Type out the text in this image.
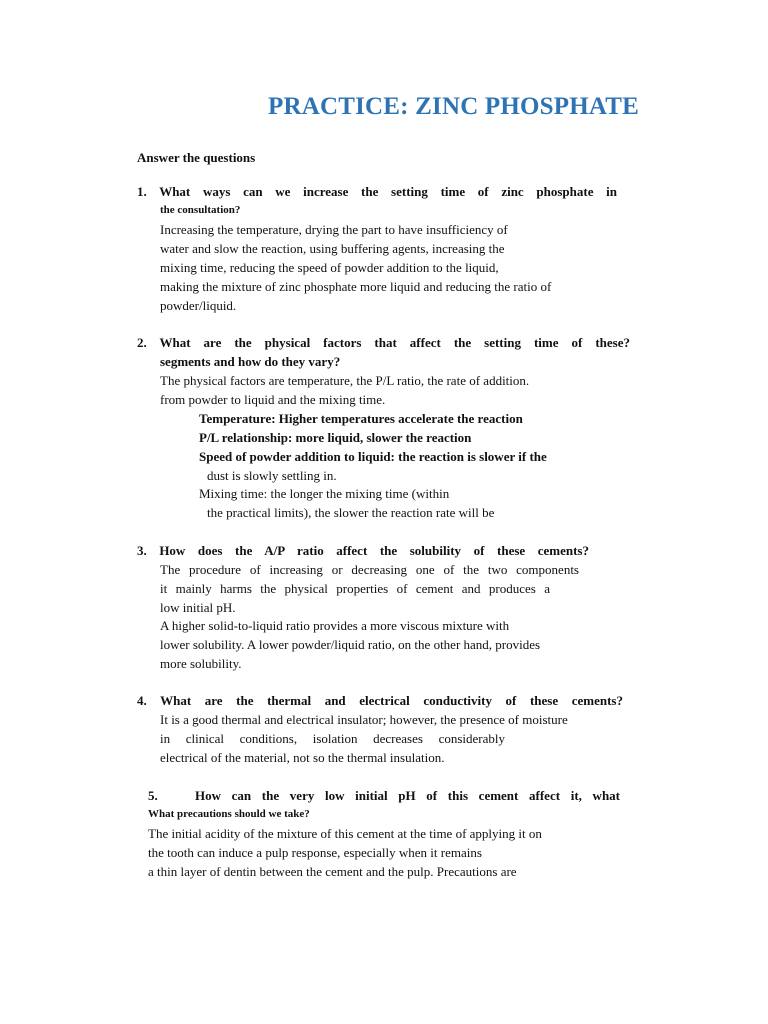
PRACTICE: ZINC PHOSPHATE
Answer the questions
1. What ways can we increase the setting time of zinc phosphate in
the consultation?
Increasing the temperature, drying the part to have insufficiency of
water and slow the reaction, using buffering agents, increasing the
mixing time, reducing the speed of powder addition to the liquid,
making the mixture of zinc phosphate more liquid and reducing the ratio of
powder/liquid.
2. What are the physical factors that affect the setting time of these?
segments and how do they vary?
The physical factors are temperature, the P/L ratio, the rate of addition.
from powder to liquid and the mixing time.
Temperature: Higher temperatures accelerate the reaction
P/L relationship: more liquid, slower the reaction
Speed of powder addition to liquid: the reaction is slower if the
dust is slowly settling in.
Mixing time: the longer the mixing time (within
the practical limits), the slower the reaction rate will be
3. How does the A/P ratio affect the solubility of these cements?
The procedure of increasing or decreasing one of the two components
it mainly harms the physical properties of cement and produces a
low initial pH.
A higher solid-to-liquid ratio provides a more viscous mixture with
lower solubility. A lower powder/liquid ratio, on the other hand, provides
more solubility.
4. What are the thermal and electrical conductivity of these cements?
It is a good thermal and electrical insulator; however, the presence of moisture
in clinical conditions, isolation decreases considerably
electrical of the material, not so the thermal insulation.
5.	How can the very low initial pH of this cement affect it, what
What precautions should we take?
The initial acidity of the mixture of this cement at the time of applying it on
the tooth can induce a pulp response, especially when it remains
a thin layer of dentin between the cement and the pulp. Precautions are
